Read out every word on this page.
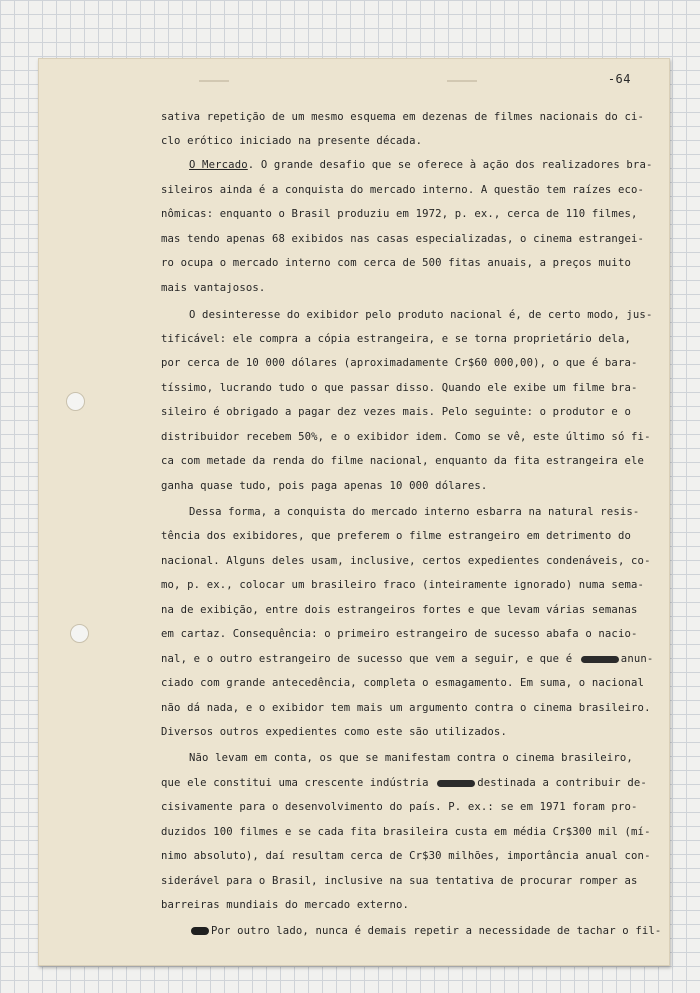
-64
sativa repetição de um mesmo esquema em dezenas de filmes nacionais do ci-
clo erótico iniciado na presente década.
O Mercado. O grande desafio que se oferece à ação dos realizadores bra-
sileiros ainda é a conquista do mercado interno. A questão tem raízes eco-
nômicas: enquanto o Brasil produziu em 1972, p. ex., cerca de 110 filmes,
mas tendo apenas 68 exibidos nas casas especializadas, o cinema estrangei-
ro ocupa o mercado interno com cerca de 500 fitas anuais, a preços muito
mais vantajosos.
O desinteresse do exibidor pelo produto nacional é, de certo modo, jus-
tificável: ele compra a cópia estrangeira, e se torna proprietário dela,
por cerca de 10 000 dólares (aproximadamente Cr$60 000,00), o que é bara-
tíssimo, lucrando tudo o que passar disso. Quando ele exibe um filme bra-
sileiro é obrigado a pagar dez vezes mais. Pelo seguinte: o produtor e o
distribuidor recebem 50%, e o exibidor idem. Como se vê, este último só fi-
ca com metade da renda do filme nacional, enquanto da fita estrangeira ele
ganha quase tudo, pois paga apenas 10 000 dólares.
Dessa forma, a conquista do mercado interno esbarra na natural resis-
tência dos exibidores, que preferem o filme estrangeiro em detrimento do
nacional. Alguns deles usam, inclusive, certos expedientes condenáveis, co-
mo, p. ex., colocar um brasileiro fraco (inteiramente ignorado) numa sema-
na de exibição, entre dois estrangeiros fortes e que levam várias semanas
em cartaz. Consequência: o primeiro estrangeiro de sucesso abafa o nacio-
nal, e o outro estrangeiro de sucesso que vem a seguir, e que é	anun-
ciado com grande antecedência, completa o esmagamento. Em suma, o nacional
não dá nada, e o exibidor tem mais um argumento contra o cinema brasileiro.
Diversos outros expedientes como este são utilizados.
Não levam em conta, os que se manifestam contra o cinema brasileiro,
que ele constitui uma crescente indústria	destinada a contribuir de-
cisivamente para o desenvolvimento do país. P. ex.: se em 1971 foram pro-
duzidos 100 filmes e se cada fita brasileira custa em média Cr$300 mil (mí-
nimo absoluto), daí resultam cerca de Cr$30 milhões, importância anual con-
siderável para o Brasil, inclusive na sua tentativa de procurar romper as
barreiras mundiais do mercado externo.
Por outro lado, nunca é demais repetir a necessidade de tachar o fil-
